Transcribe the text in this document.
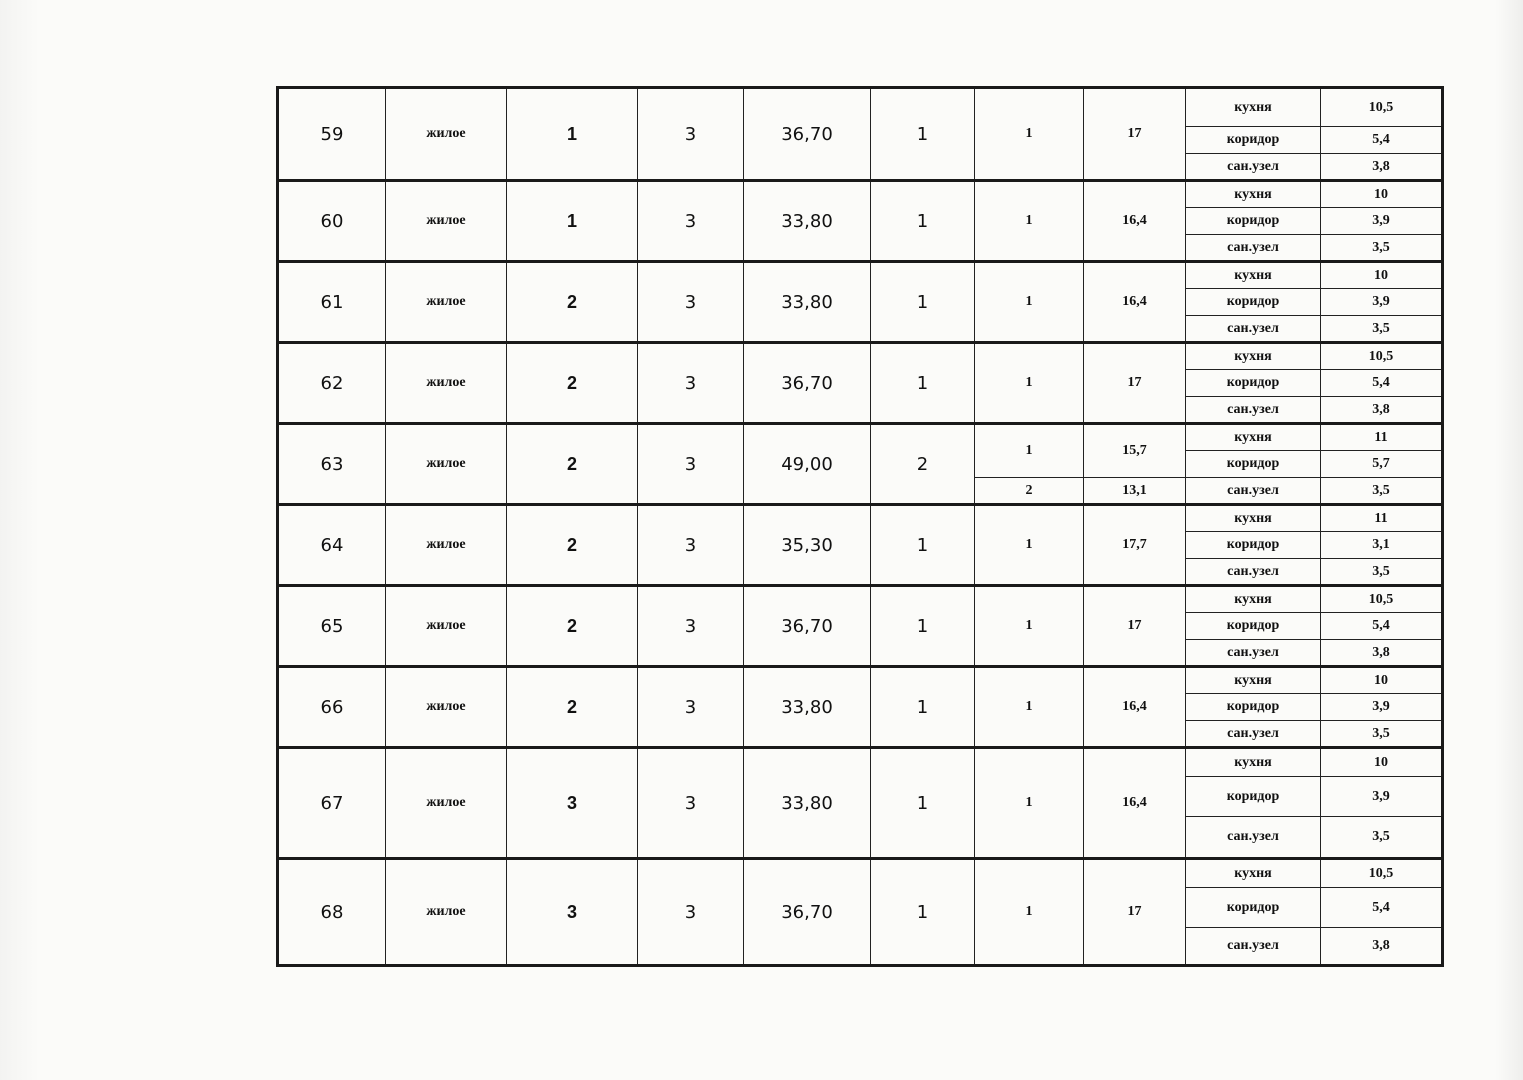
59	жилое	1	3	36,70	1	1	17	кухня	10,5
								коридор	5,4
								сан.узел	3,8
60	жилое	1	3	33,80	1	1	16,4	кухня	10
								коридор	3,9
								сан.узел	3,5
61	жилое	2	3	33,80	1	1	16,4	кухня	10
								коридор	3,9
								сан.узел	3,5
62	жилое	2	3	36,70	1	1	17	кухня	10,5
								коридор	5,4
								сан.узел	3,8
63	жилое	2	3	49,00	2	1	15,7	кухня	11
								коридор	5,7
						2	13,1	сан.узел	3,5
64	жилое	2	3	35,30	1	1	17,7	кухня	11
								коридор	3,1
								сан.узел	3,5
65	жилое	2	3	36,70	1	1	17	кухня	10,5
								коридор	5,4
								сан.узел	3,8
66	жилое	2	3	33,80	1	1	16,4	кухня	10
								коридор	3,9
								сан.узел	3,5
67	жилое	3	3	33,80	1	1	16,4	кухня	10
								коридор	3,9
								сан.узел	3,5
68	жилое	3	3	36,70	1	1	17	кухня	10,5
								коридор	5,4
								сан.узел	3,8
